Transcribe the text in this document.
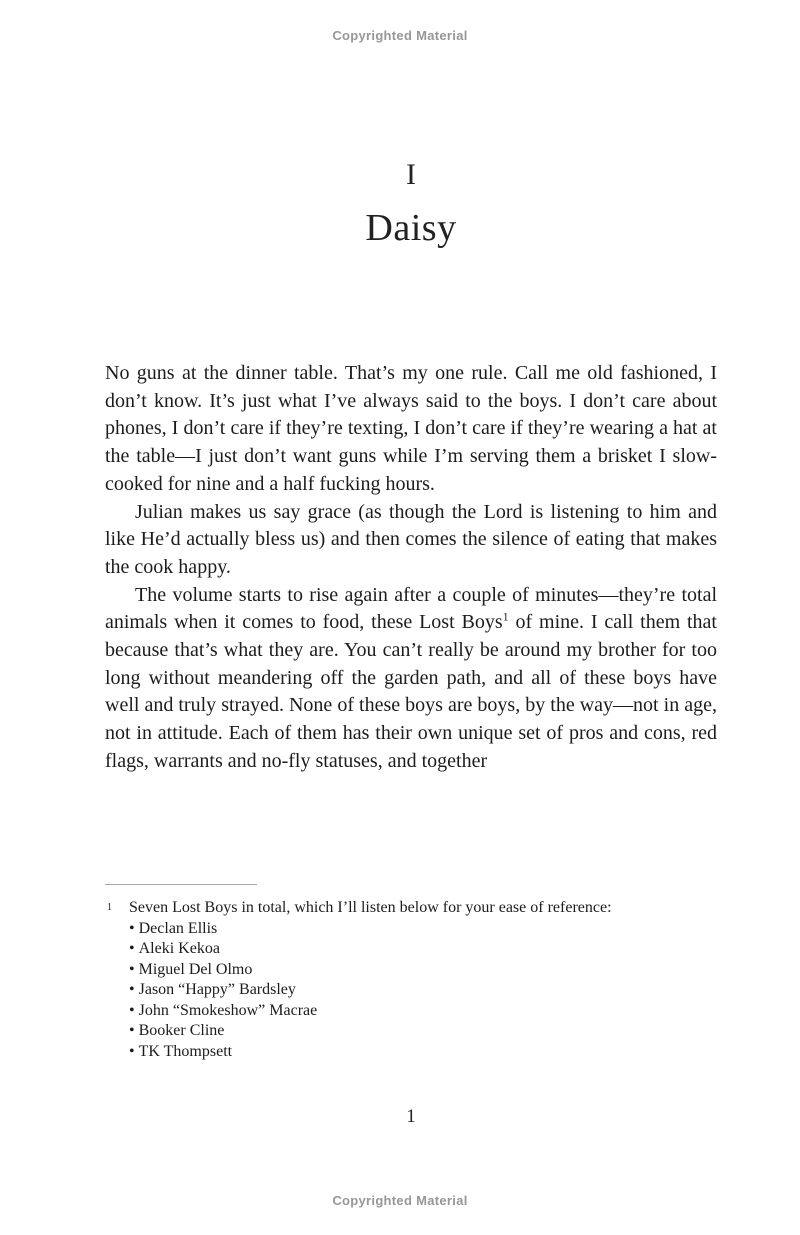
Copyrighted Material
I
Daisy

No guns at the dinner table. That’s my one rule. Call me old fashioned, I don’t know. It’s just what I’ve always said to the boys. I don’t care about phones, I don’t care if they’re texting, I don’t care if they’re wearing a hat at the table—I just don’t want guns while I’m serving them a brisket I slow-cooked for nine and a half fucking hours.

Julian makes us say grace (as though the Lord is listening to him and like He’d actually bless us) and then comes the silence of eating that makes the cook happy.

The volume starts to rise again after a couple of minutes—they’re total animals when it comes to food, these Lost Boys$^1$ of mine. I call them that because that’s what they are. You can’t really be around my brother for too long without meandering off the garden path, and all of these boys have well and truly strayed. None of these boys are boys, by the way—not in age, not in attitude. Each of them has their own unique set of pros and cons, red flags, warrants and no-fly statuses, and together

1	Seven Lost Boys in total, which I’ll listen below for your ease of reference:
• Declan Ellis
• Aleki Kekoa
• Miguel Del Olmo
• Jason “Happy” Bardsley
• John “Smokeshow” Macrae
• Booker Cline
• TK Thompsett
1
Copyrighted Material
